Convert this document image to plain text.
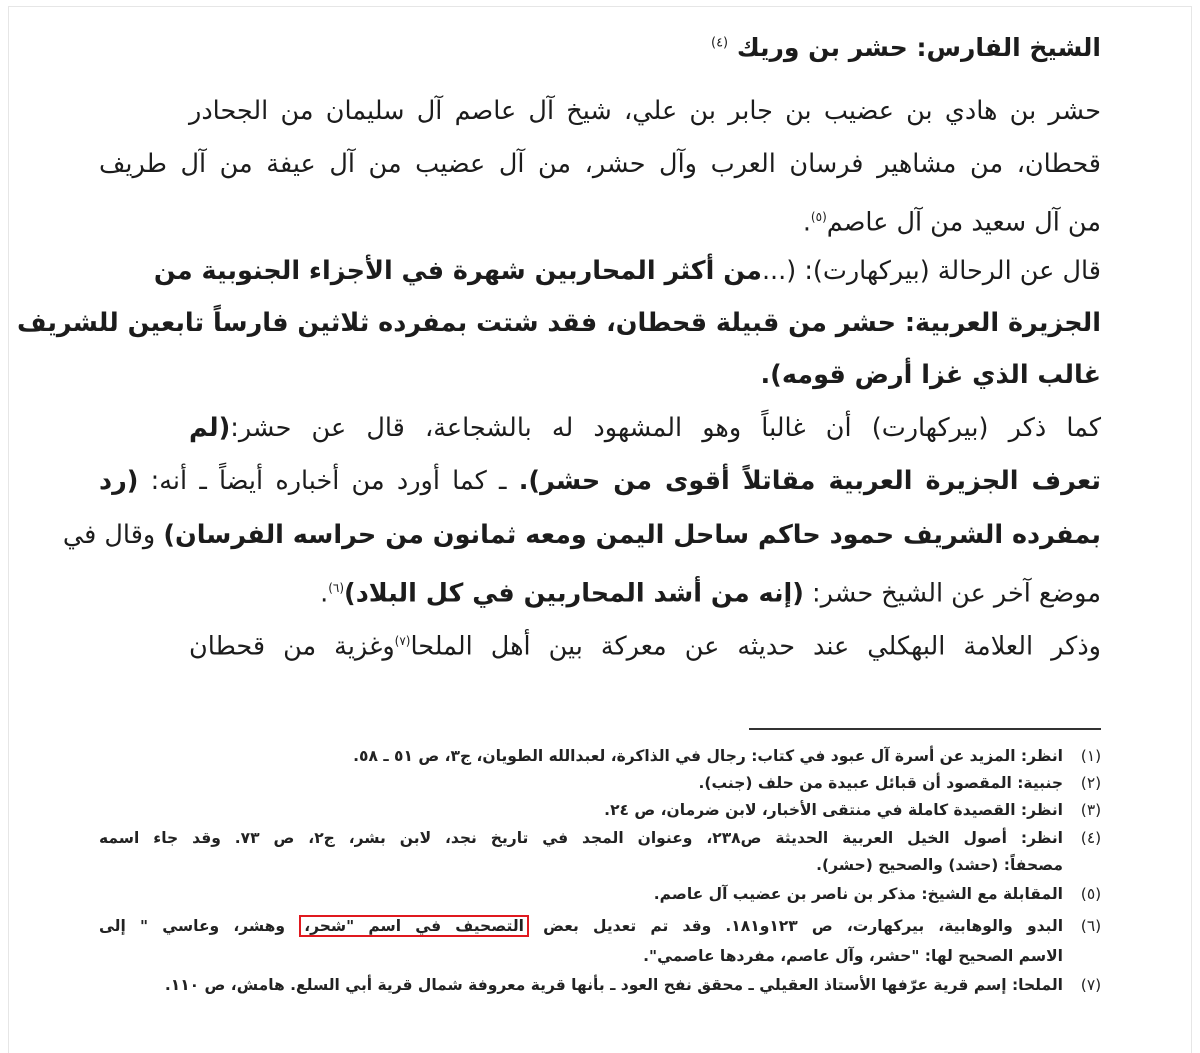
الشيخ الفارس: حشر بن وريك $^{(٤)}$
حشر بن هادي بن عضيب بن جابر بن علي، شيخ آل عاصم آل سليمان من الجحادر
قحطان، من مشاهير فرسان العرب وآل حشر، من آل عضيب من آل عيفة من آل طريف
من آل سعيد من آل عاصم$^{(٥)}$.
قال عن الرحالة (بيركهارت): (...من أكثر المحاربين شهرة في الأجزاء الجنوبية من
الجزيرة العربية: حشر من قبيلة قحطان، فقد شتت بمفرده ثلاثين فارساً تابعين للشريف
غالب الذي غزا أرض قومه).
كما ذكر (بيركهارت) أن غالباً وهو المشهود له بالشجاعة، قال عن حشر:(لم
تعرف الجزيرة العربية مقاتلاً أقوى من حشر). ـ كما أورد من أخباره أيضاً ـ أنه: (رد
بمفرده الشريف حمود حاكم ساحل اليمن ومعه ثمانون من حراسه الفرسان) وقال في
موضع آخر عن الشيخ حشر: (إنه من أشد المحاربين في كل البلاد)$^{(٦)}$.
وذكر العلامة البهكلي عند حديثه عن معركة بين أهل الملحا$^{(٧)}$وغزية من قحطان
(١)
انظر: المزيد عن أسرة آل عبود في كتاب: رجال في الذاكرة، لعبدالله الطويان، ج٣، ص ٥١ ـ ٥٨.
(٢)
جنبية: المقصود أن قبائل عبيدة من حلف (جنب).
(٣)
انظر: القصيدة كاملة في منتقى الأخبار، لابن ضرمان، ص ٢٤.
(٤)
انظر: أصول الخيل العربية الحديثة ص٢٣٨، وعنوان المجد في تاريخ نجد، لابن بشر، ج٢، ص ٧٣. وقد جاء اسمه
مصحفاً: (حشد) والصحيح (حشر).
(٥)
المقابلة مع الشيخ: مذكر بن ناصر بن عضيب آل عاصم.
(٦)
البدو والوهابية، بيركهارت، ص ١٢٣و١٨١. وقد تم تعديل بعض التصحيف في اسم "شحر، وهشر، وعاسي " إلى
الاسم الصحيح لها: "حشر، وآل عاصم، مفردها عاصمي".
(٧)
الملحا: إسم قرية عرّفها الأستاذ العقيلي ـ محقق نفح العود ـ بأنها قرية معروفة شمال قرية أبي السلع. هامش، ص ١١٠.
